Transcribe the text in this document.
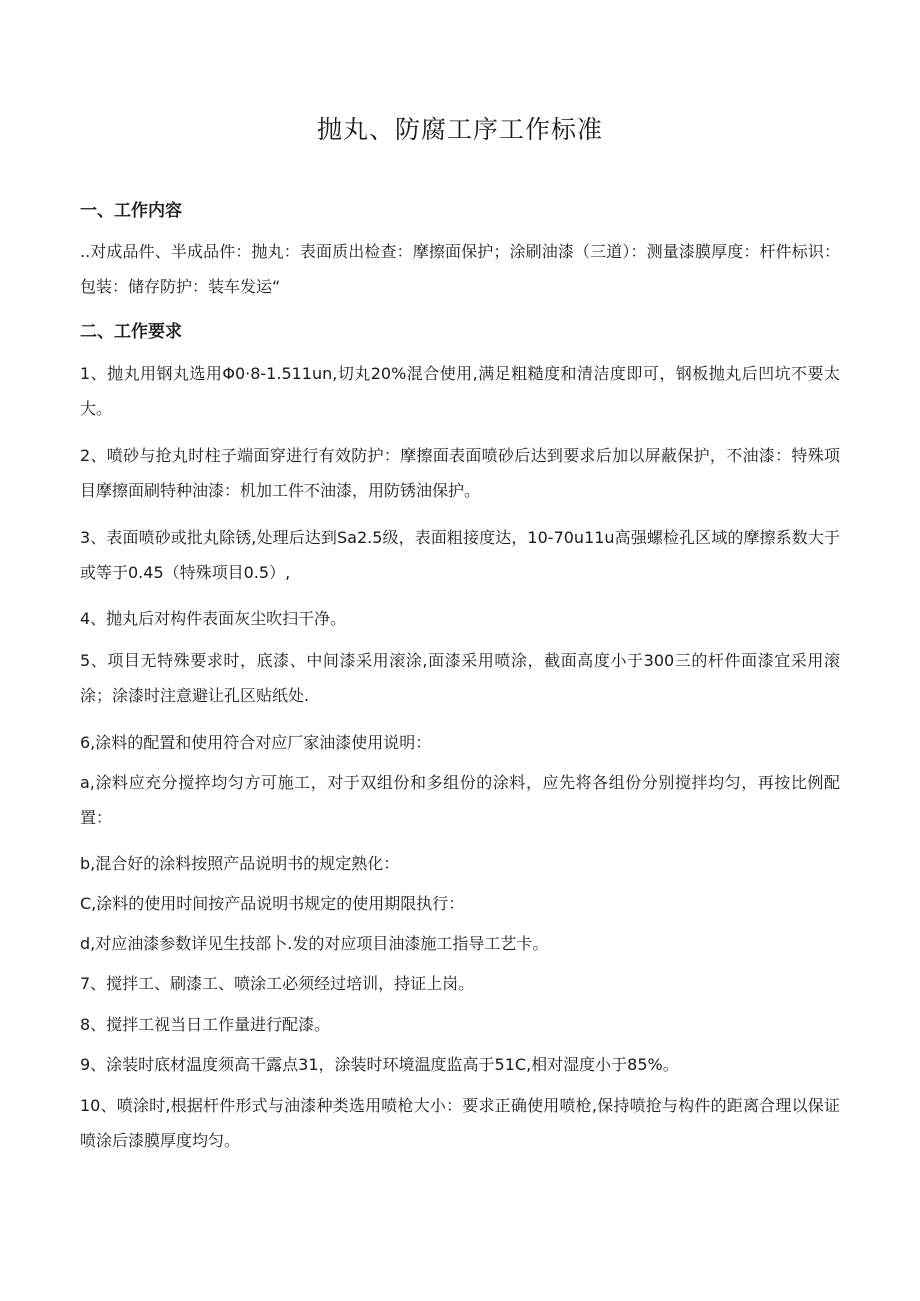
抛丸、防腐工序工作标准
一、工作内容

..对成品件、半成品件：抛丸：表面质出检查：摩擦面保护；涂刷油漆（三道）：测量漆膜厚度：杆件标识：包装：储存防护：装车发运“

二、工作要求

1、抛丸用钢丸选用Φ0·8-1.511un,切丸20%混合使用,满足粗糙度和清洁度即可，钢板抛丸后凹坑不要太大。

2、喷砂与抢丸时柱子端面穿进行有效防护：摩擦面表面喷砂后达到要求后加以屏蔽保护，不油漆：特殊项目摩擦面刷特种油漆：机加工件不油漆，用防锈油保护。

3、表面喷砂或批丸除锈,处理后达到Sa2.5级，表面粗接度达，10-70u11u高强螺检孔区域的摩擦系数大于或等于0.45（特殊项目0.5）,

4、抛丸后对构件表面灰尘吹扫干净。

5、项目无特殊要求时，底漆、中间漆采用滚涂,面漆采用喷涂，截面高度小于300三的杆件面漆宜采用滚涂；涂漆时注意避让孔区贴纸处.

6,涂料的配置和使用符合对应厂家油漆使用说明：

a,涂料应充分搅捽均匀方可施工，对于双组份和多组份的涂料，应先将各组份分别搅拌均匀，再按比例配置：

b,混合好的涂料按照产品说明书的规定熟化：

C,涂料的使用时间按产品说明书规定的使用期限执行：

d,对应油漆参数详见生技部卜.发的对应项目油漆施工指导工艺卡。

7、搅拌工、刷漆工、喷涂工必须经过培训，持证上岗。

8、搅拌工视当日工作量进行配漆。

9、涂装时底材温度须高干露点31，涂装时环境温度监高于51C,相对湿度小于85%。

10、喷涂时,根据杆件形式与油漆种类选用喷枪大小：要求正确使用喷枪,保持喷抢与构件的距离合理以保证喷涂后漆膜厚度均匀。
